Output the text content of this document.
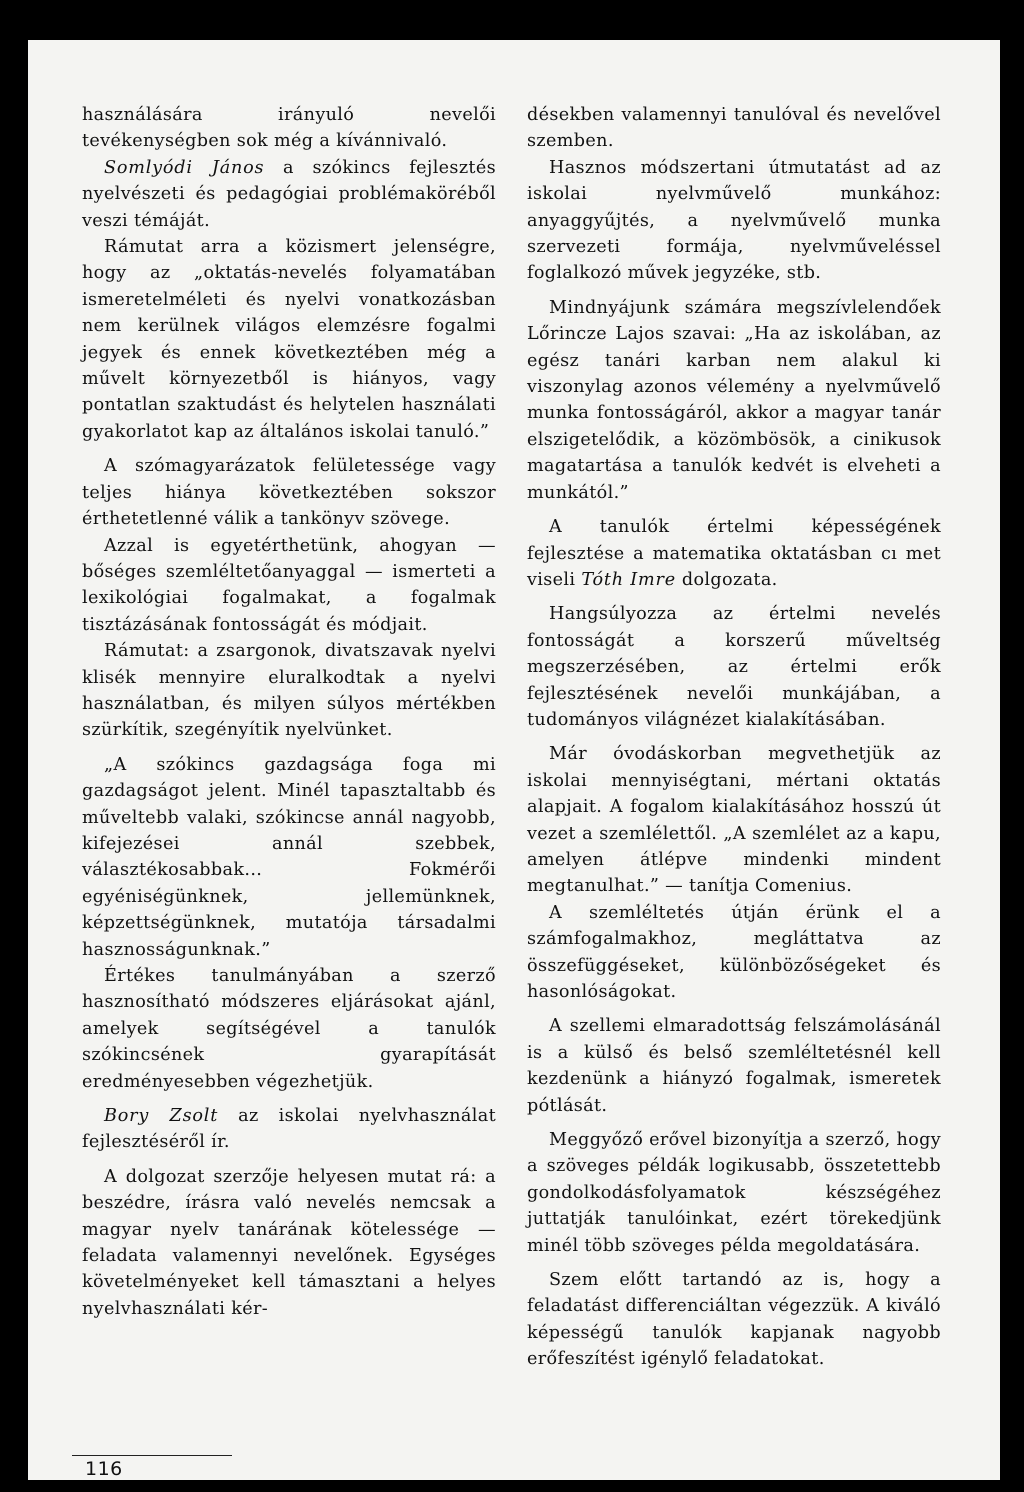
használására irányuló nevelői tevékenységben sok még a kívánnivaló.

Somlyódi János a szókincs fejlesztés nyelvészeti és pedagógiai problémaköréből veszi témáját.

Rámutat arra a közismert jelenségre, hogy az „oktatás-nevelés folyamatában ismeretelméleti és nyelvi vonatkozásban nem kerülnek világos elemzésre fogalmi jegyek és ennek következtében még a művelt környezetből is hiányos, vagy pontatlan szaktudást és helytelen használati gyakorlatot kap az általános iskolai tanuló.”

A szómagyarázatok felületessége vagy teljes hiánya következtében sokszor érthetetlenné válik a tankönyv szövege.

Azzal is egyetérthetünk, ahogyan — bőséges szemléltetőanyaggal — ismerteti a lexikológiai fogalmakat, a fogalmak tisztázásának fontosságát és módjait.

Rámutat: a zsargonok, divatszavak nyelvi klisék mennyire eluralkodtak a nyelvi használatban, és milyen súlyos mértékben szürkítik, szegényítik nyelvünket.

„A szókincs gazdagsága foga mi gazdagságot jelent. Minél tapasztaltabb és műveltebb valaki, szókincse annál nagyobb, kifejezései annál szebbek, választékosabbak... Fokmérői egyéniségünknek, jellemünknek, képzettségünknek, mutatója társadalmi hasznosságunknak.”

Értékes tanulmányában a szerző hasznosítható módszeres eljárásokat ajánl, amelyek segítségével a tanulók szókincsének gyarapítását eredményesebben végezhetjük.

Bory Zsolt az iskolai nyelvhasználat fejlesztéséről ír.

A dolgozat szerzője helyesen mutat rá: a beszédre, írásra való nevelés nemcsak a magyar nyelv tanárának kötelessége — feladata valamennyi nevelőnek. Egységes követelményeket kell támasztani a helyes nyelvhasználati kér-

désekben valamennyi tanulóval és nevelővel szemben.

Hasznos módszertani útmutatást ad az iskolai nyelvművelő munkához: anyaggyűjtés, a nyelvművelő munka szervezeti formája, nyelvműveléssel foglalkozó művek jegyzéke, stb.

Mindnyájunk számára megszívlelendőek Lőrincze Lajos szavai: „Ha az iskolában, az egész tanári karban nem alakul ki viszonylag azonos vélemény a nyelvművelő munka fontosságáról, akkor a magyar tanár elszigetelődik, a közömbösök, a cinikusok magatartása a tanulók kedvét is elveheti a munkától.”

A tanulók értelmi képességének fejlesztése a matematika oktatásban cı met viseli Tóth Imre dolgozata.

Hangsúlyozza az értelmi nevelés fontosságát a korszerű műveltség megszerzésében, az értelmi erők fejlesztésének nevelői munkájában, a tudományos világnézet kialakításában.

Már óvodáskorban megvethetjük az iskolai mennyiségtani, mértani oktatás alapjait. A fogalom kialakításához hosszú út vezet a szemlélettől. „A szemlélet az a kapu, amelyen átlépve mindenki mindent megtanulhat.” — tanítja Comenius.

A szemléltetés útján érünk el a számfogalmakhoz, megláttatva az összefüggéseket, különbözőségeket és hasonlóságokat.

A szellemi elmaradottság felszámolásánál is a külső és belső szemléltetésnél kell kezdenünk a hiányzó fogalmak, ismeretek pótlását.

Meggyőző erővel bizonyítja a szerző, hogy a szöveges példák logikusabb, összetettebb gondolkodásfolyamatok készségéhez juttatják tanulóinkat, ezért törekedjünk minél több szöveges példa megoldatására.

Szem előtt tartandó az is, hogy a feladatást differenciáltan végezzük. A kiváló képességű tanulók kapjanak nagyobb erőfeszítést igénylő feladatokat.

116
